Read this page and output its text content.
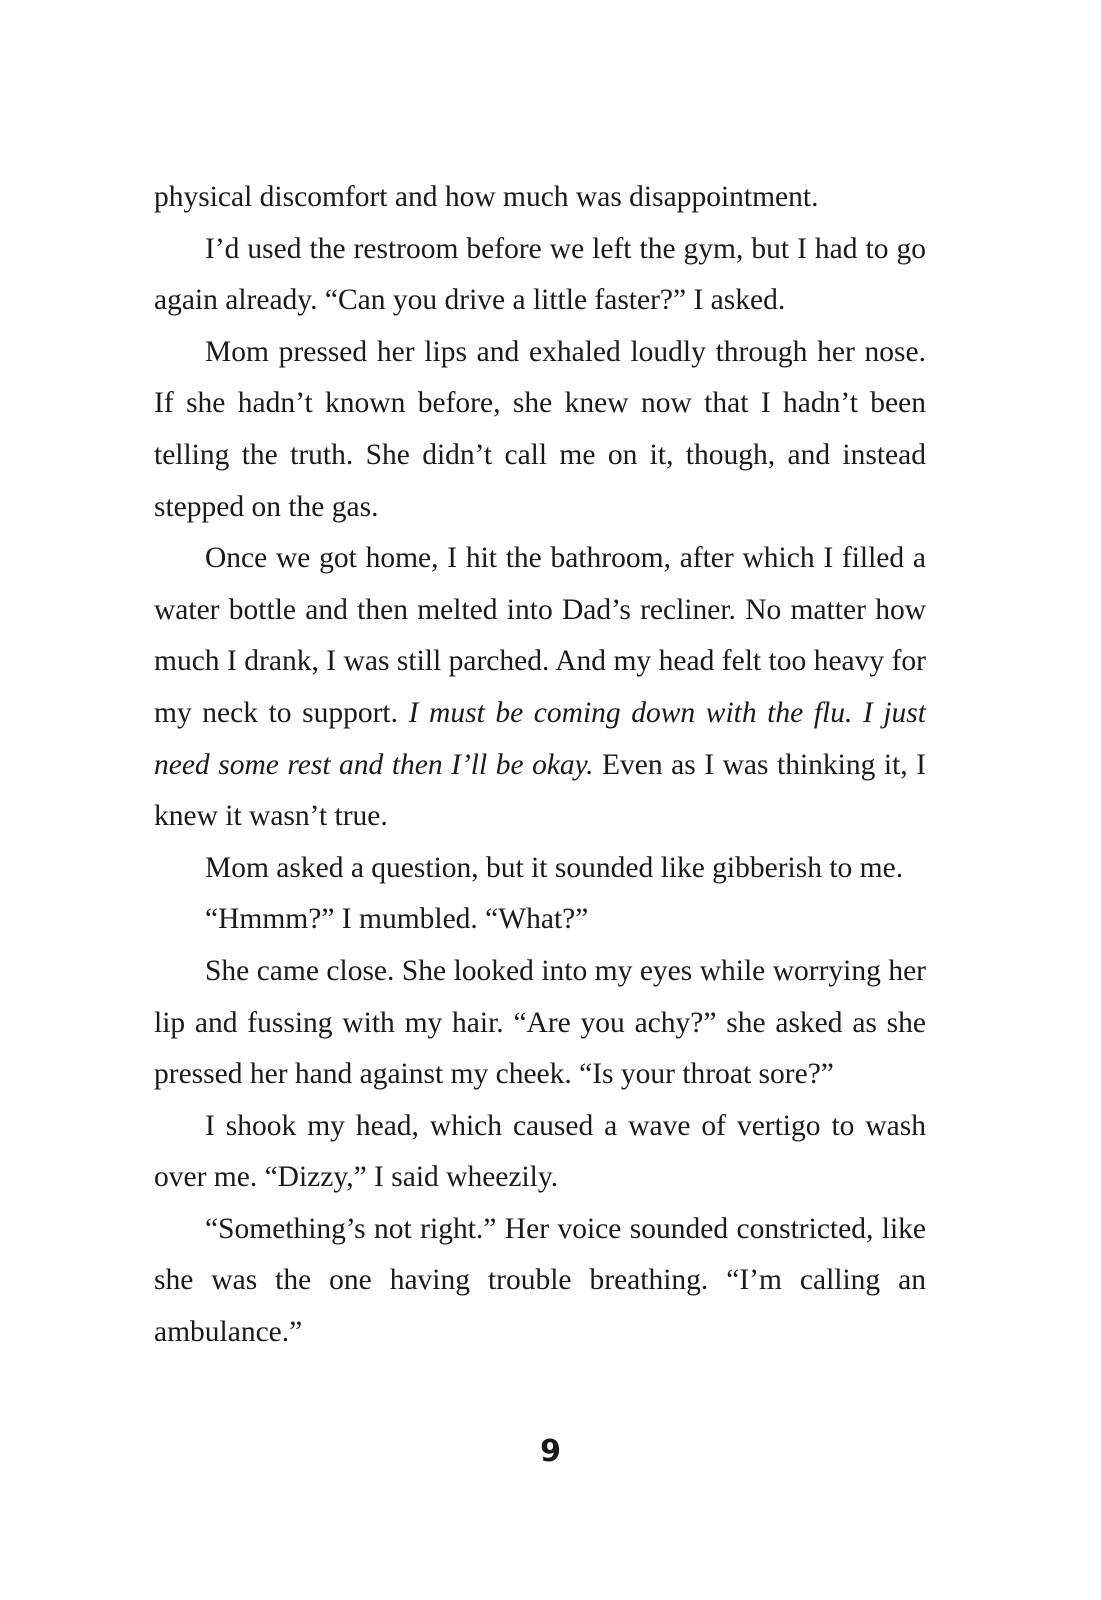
physical discomfort and how much was disappointment.

I’d used the restroom before we left the gym, but I had to go again already. “Can you drive a little faster?” I asked.

Mom pressed her lips and exhaled loudly through her nose. If she hadn’t known before, she knew now that I hadn’t been telling the truth. She didn’t call me on it, though, and instead stepped on the gas.

Once we got home, I hit the bathroom, after which I filled a water bottle and then melted into Dad’s recliner. No matter how much I drank, I was still parched. And my head felt too heavy for my neck to support. I must be coming down with the flu. I just need some rest and then I’ll be okay. Even as I was thinking it, I knew it wasn’t true.

Mom asked a question, but it sounded like gibberish to me.

“Hmmm?” I mumbled. “What?”

She came close. She looked into my eyes while worrying her lip and fussing with my hair. “Are you achy?” she asked as she pressed her hand against my cheek. “Is your throat sore?”

I shook my head, which caused a wave of vertigo to wash over me. “Dizzy,” I said wheezily.

“Something’s not right.” Her voice sounded constricted, like she was the one having trouble breathing. “I’m calling an ambulance.”

9
